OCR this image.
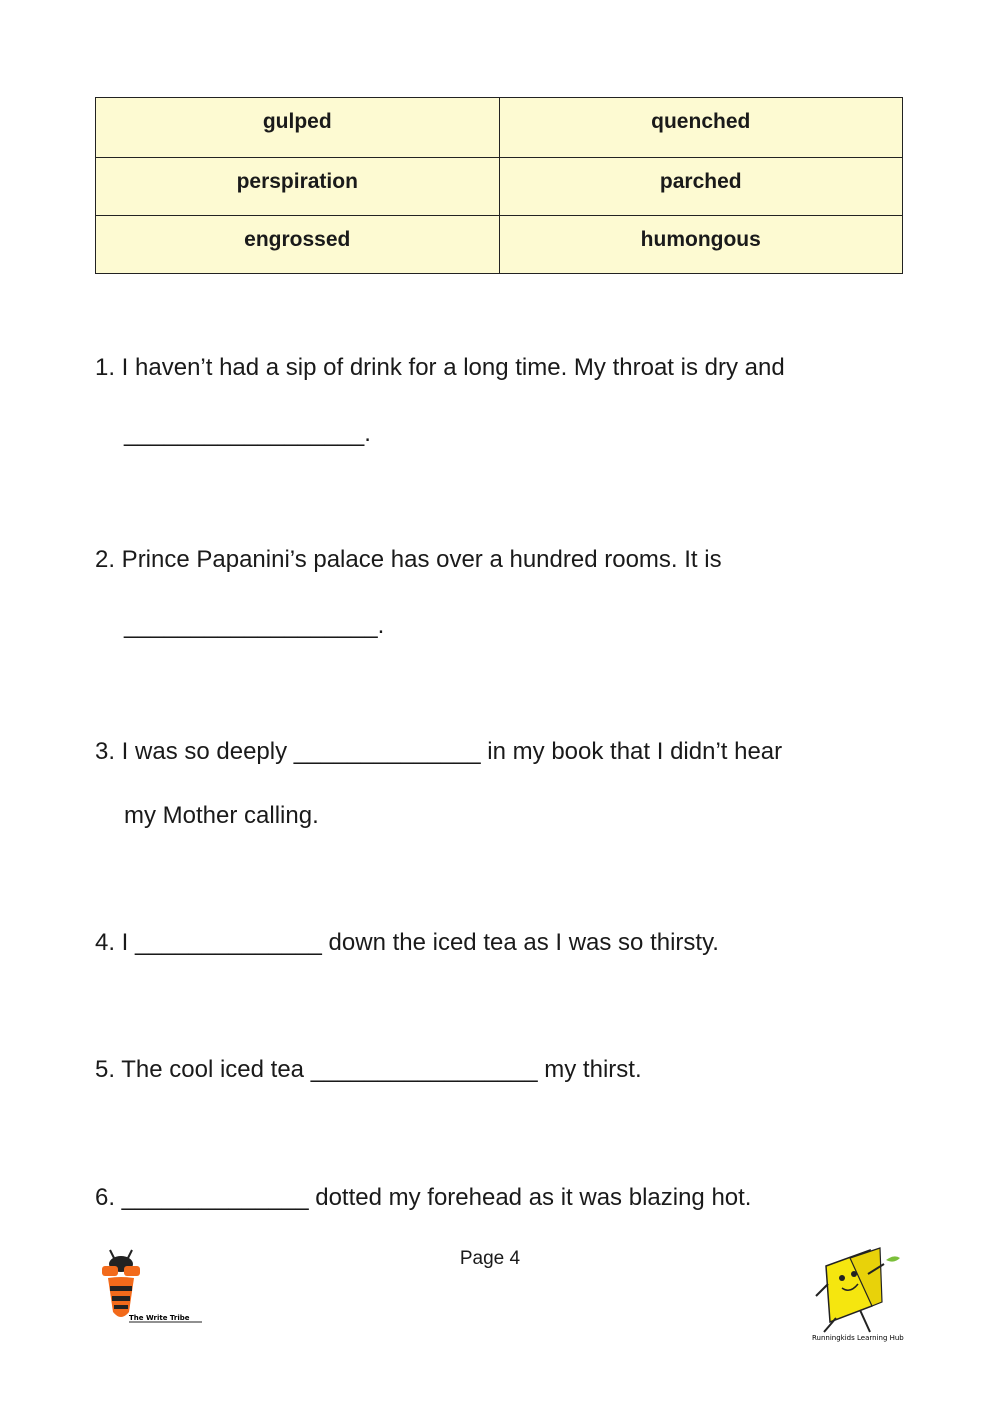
gulped	quenched

perspiration	parched

engrossed	humongous
1. I haven’t had a sip of drink for a long time. My throat is dry and
__________________.
2. Prince Papanini’s palace has over a hundred rooms. It is
___________________.
3. I was so deeply ______________ in my book that I didn’t hear
my Mother calling.
4. I ______________ down the iced tea as I was so thirsty.
5. The cool iced tea _________________ my thirst.
6. ______________ dotted my forehead as it was blazing hot.
Page 4
The Write Tribe
Runningkids Learning Hub
